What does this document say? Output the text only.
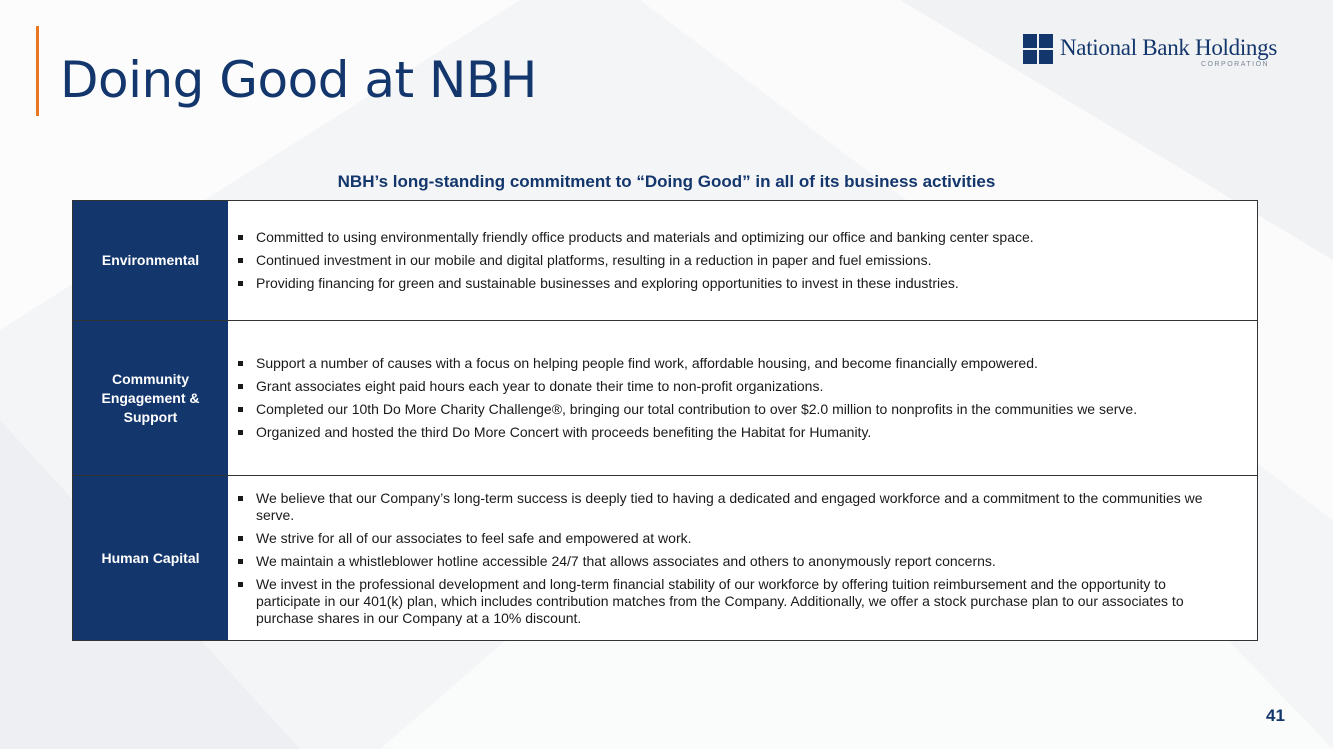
Doing Good at NBH
National Bank Holdings
CORPORATION
NBH’s long-standing commitment to “Doing Good” in all of its business activities
Environmental
Committed to using environmentally friendly office products and materials and optimizing our office and banking center space.
Continued investment in our mobile and digital platforms, resulting in a reduction in paper and fuel emissions.
Providing financing for green and sustainable businesses and exploring opportunities to invest in these industries.
Community Engagement & Support
Support a number of causes with a focus on helping people find work, affordable housing, and become financially empowered.
Grant associates eight paid hours each year to donate their time to non-profit organizations.
Completed our 10th Do More Charity Challenge®, bringing our total contribution to over $2.0 million to nonprofits in the communities we serve.
Organized and hosted the third Do More Concert with proceeds benefiting the Habitat for Humanity.
Human Capital
We believe that our Company’s long-term success is deeply tied to having a dedicated and engaged workforce and a commitment to the communities we serve.
We strive for all of our associates to feel safe and empowered at work.
We maintain a whistleblower hotline accessible 24/7 that allows associates and others to anonymously report concerns.
We invest in the professional development and long-term financial stability of our workforce by offering tuition reimbursement and the opportunity to participate in our 401(k) plan, which includes contribution matches from the Company. Additionally, we offer a stock purchase plan to our associates to purchase shares in our Company at a 10% discount.
41
